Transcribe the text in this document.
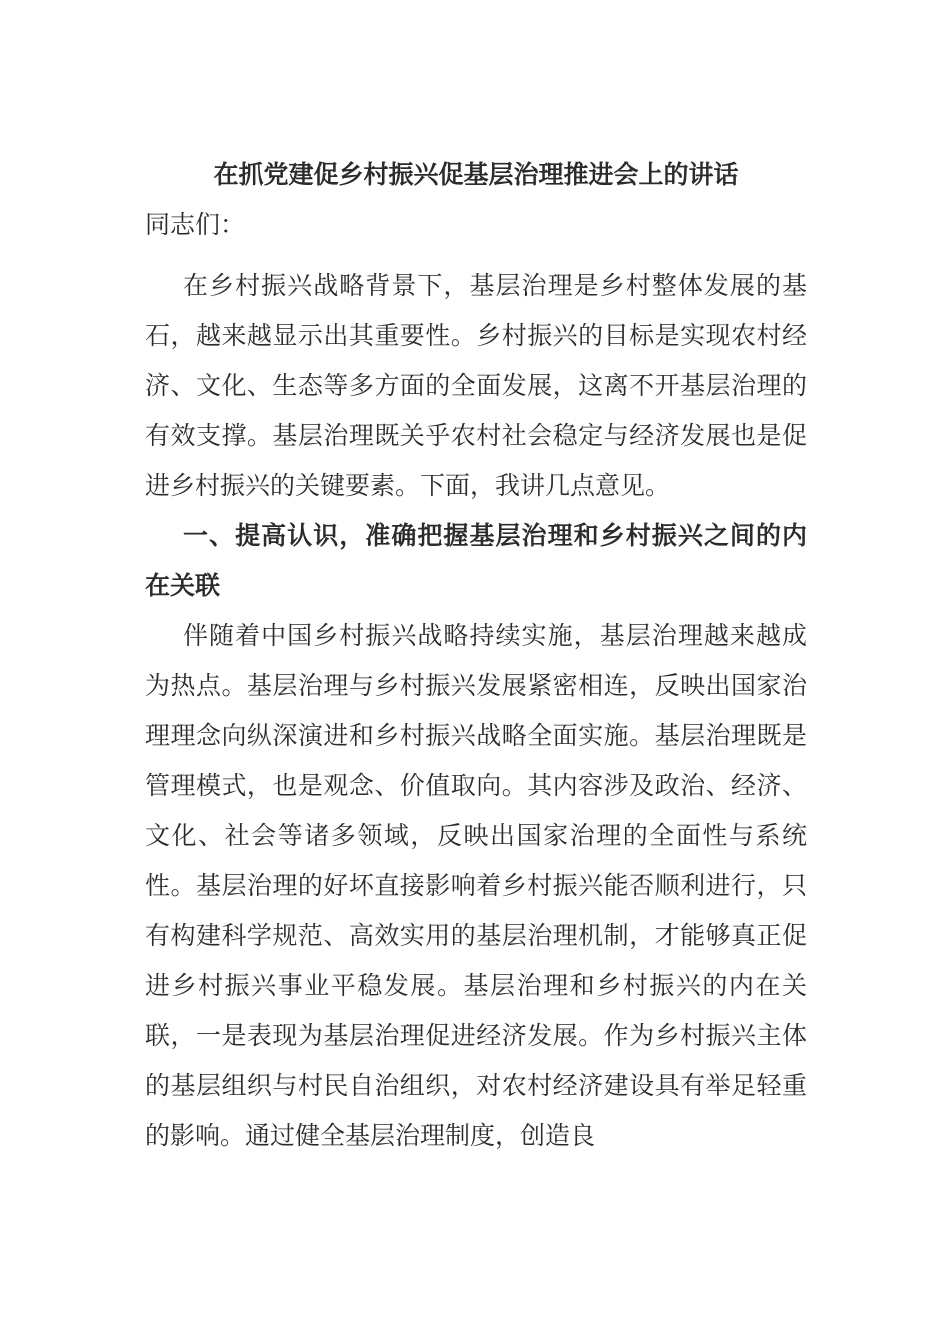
在抓党建促乡村振兴促基层治理推进会上的讲话

同志们：

在乡村振兴战略背景下，基层治理是乡村整体发展的基石，越来越显示出其重要性。乡村振兴的目标是实现农村经济、文化、生态等多方面的全面发展，这离不开基层治理的有效支撑。基层治理既关乎农村社会稳定与经济发展也是促进乡村振兴的关键要素。下面，我讲几点意见。

一、提高认识，准确把握基层治理和乡村振兴之间的内在关联

伴随着中国乡村振兴战略持续实施，基层治理越来越成为热点。基层治理与乡村振兴发展紧密相连，反映出国家治理理念向纵深演进和乡村振兴战略全面实施。基层治理既是管理模式，也是观念、价值取向。其内容涉及政治、经济、文化、社会等诸多领域，反映出国家治理的全面性与系统性。基层治理的好坏直接影响着乡村振兴能否顺利进行，只有构建科学规范、高效实用的基层治理机制，才能够真正促进乡村振兴事业平稳发展。基层治理和乡村振兴的内在关联，一是表现为基层治理促进经济发展。作为乡村振兴主体的基层组织与村民自治组织，对农村经济建设具有举足轻重的影响。通过健全基层治理制度，创造良
